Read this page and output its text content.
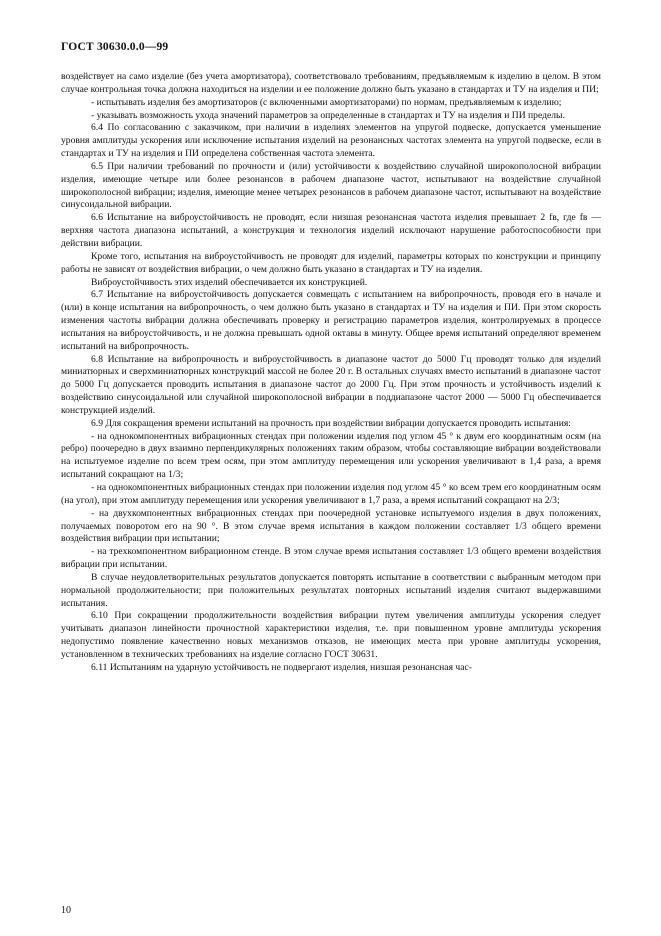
ГОСТ 30630.0.0—99

воздействует на само изделие (без учета амортизатора), соответствовало требованиям, предъявляемым к изделию в целом. В этом случае контрольная точка должна находиться на изделии и ее положение должно быть указано в стандартах и ТУ на изделия и ПИ;

- испытывать изделия без амортизаторов (с включенными амортизаторами) по нормам, предъявляемым к изделию;

- указывать возможность ухода значений параметров за определенные в стандартах и ТУ на изделия и ПИ пределы.

6.4 По согласованию с заказчиком, при наличии в изделиях элементов на упругой подвеске, допускается уменьшение уровня амплитуды ускорения или исключение испытания изделий на резонансных частотах элемента на упругой подвеске, если в стандартах и ТУ на изделия и ПИ определена собственная частота элемента.

6.5 При наличии требований по прочности и (или) устойчивости к воздействию случайной широкополосной вибрации изделия, имеющие четыре или более резонансов в рабочем диапазоне частот, испытывают на воздействие случайной широкополосной вибрации; изделия, имеющие менее четырех резонансов в рабочем диапазоне частот, испытывают на воздействие синусоидальной вибрации.

6.6 Испытание на виброустойчивость не проводят, если низшая резонансная частота изделия превышает 2 fв, где fв — верхняя частота диапазона испытаний, а конструкция и технология изделий исключают нарушение работоспособности при действии вибрации.

Кроме того, испытания на виброустойчивость не проводят для изделий, параметры которых по конструкции и принципу работы не зависят от воздействия вибрации, о чем должно быть указано в стандартах и ТУ на изделия.

Виброустойчивость этих изделий обеспечивается их конструкцией.

6.7 Испытание на виброустойчивость допускается совмещать с испытанием на вибропрочность, проводя его в начале и (или) в конце испытания на вибропрочность, о чем должно быть указано в стандартах и ТУ на изделия и ПИ. При этом скорость изменения частоты вибрации должна обеспечивать проверку и регистрацию параметров изделия, контролируемых в процессе испытания на виброустойчивость, и не должна превышать одной октавы в минуту. Общее время испытаний определяют временем испытаний на вибропрочность.

6.8 Испытание на вибропрочность и виброустойчивость в диапазоне частот до 5000 Гц проводят только для изделий миниатюрных и сверхминиатюрных конструкций массой не более 20 г. В остальных случаях вместо испытаний в диапазоне частот до 5000 Гц допускается проводить испытания в диапазоне частот до 2000 Гц. При этом прочность и устойчивость изделий к воздействию синусоидальной или случайной широкополосной вибрации в поддиапазоне частот 2000 — 5000 Гц обеспечивается конструкцией изделий.

6.9 Для сокращения времени испытаний на прочность при воздействии вибрации допускается проводить испытания:

- на однокомпонентных вибрационных стендах при положении изделия под углом 45 ° к двум его координатным осям (на ребро) поочередно в двух взаимно перпендикулярных положениях таким образом, чтобы составляющие вибрации воздействовали на испытуемое изделие по всем трем осям, при этом амплитуду перемещения или ускорения увеличивают в 1,4 раза, а время испытаний сокращают на 1/3;

- на однокомпонентных вибрационных стендах при положении изделия под углом 45 ° ко всем трем его координатным осям (на угол), при этом амплитуду перемещения или ускорения увеличивают в 1,7 раза, а время испытаний сокращают на 2/3;

- на двухкомпонентных вибрационных стендах при поочередной установке испытуемого изделия в двух положениях, получаемых поворотом его на 90 °. В этом случае время испытания в каждом положении составляет 1/3 общего времени воздействия вибрации при испытании;

- на трехкомпонентном вибрационном стенде. В этом случае время испытания составляет 1/3 общего времени воздействия вибрации при испытании.

В случае неудовлетворительных результатов допускается повторять испытание в соответствии с выбранным методом при нормальной продолжительности; при положительных результатах повторных испытаний изделия считают выдержавшими испытания.

6.10 При сокращении продолжительности воздействия вибрации путем увеличения амплитуды ускорения следует учитывать диапазон линейности прочностной характеристики изделия, т.е. при повышенном уровне амплитуды ускорения недопустимо появление качественно новых механизмов отказов, не имеющих места при уровне амплитуды ускорения, установленном в технических требованиях на изделие согласно ГОСТ 30631.

6.11 Испытаниям на ударную устойчивость не подвергают изделия, низшая резонансная час-

10
